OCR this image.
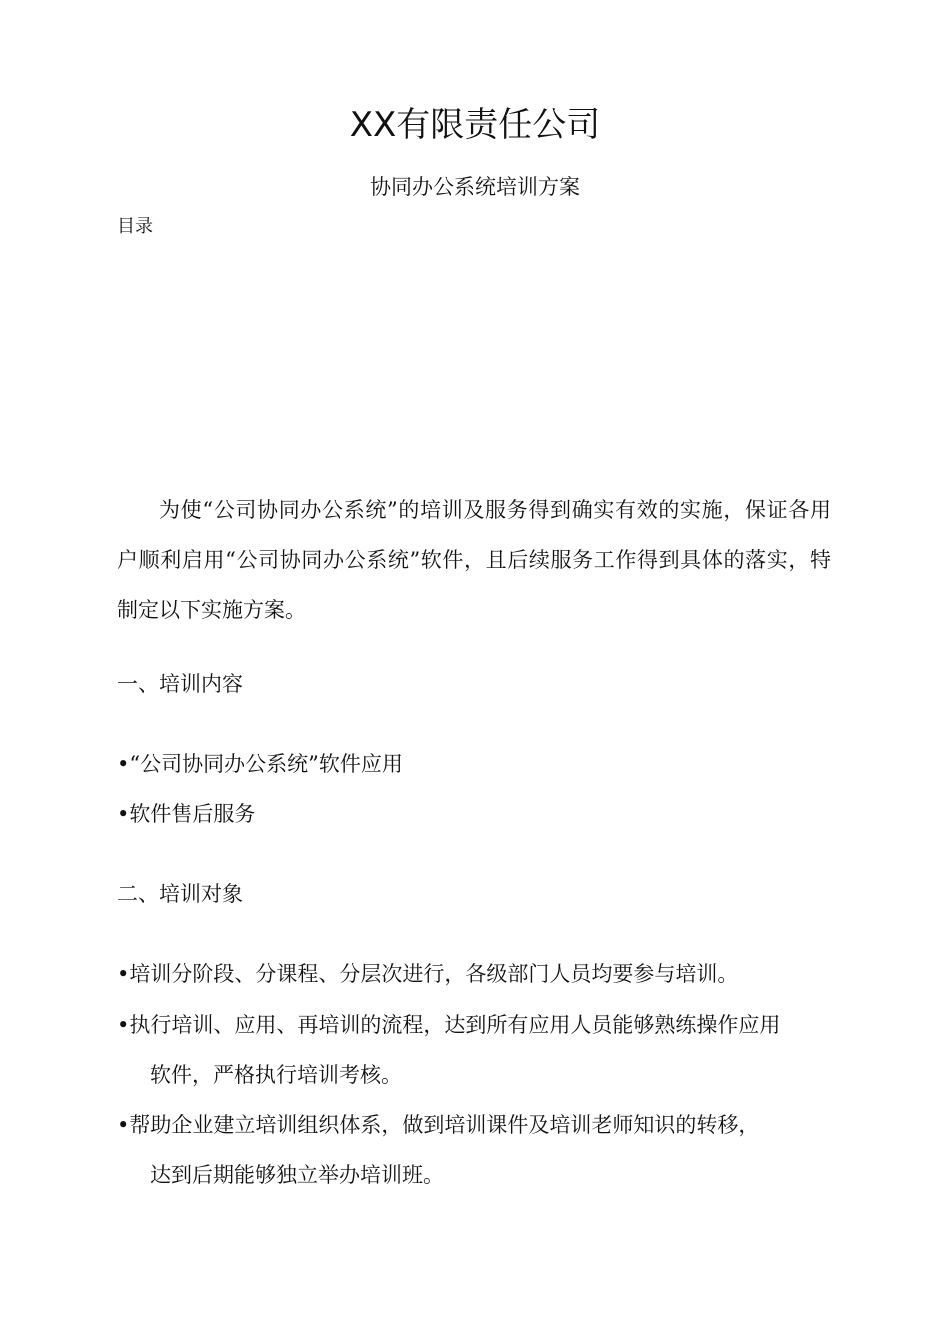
XX有限责任公司
协同办公系统培训方案
目录

为使“公司协同办公系统”的培训及服务得到确实有效的实施，保证各用户顺利启用“公司协同办公系统”软件，且后续服务工作得到具体的落实，特制定以下实施方案。

一、培训内容
•“公司协同办公系统”软件应用
•软件售后服务
二、培训对象
•培训分阶段、分课程、分层次进行，各级部门人员均要参与培训。
•执行培训、应用、再培训的流程，达到所有应用人员能够熟练操作应用
软件，严格执行培训考核。
•帮助企业建立培训组织体系，做到培训课件及培训老师知识的转移，
达到后期能够独立举办培训班。
